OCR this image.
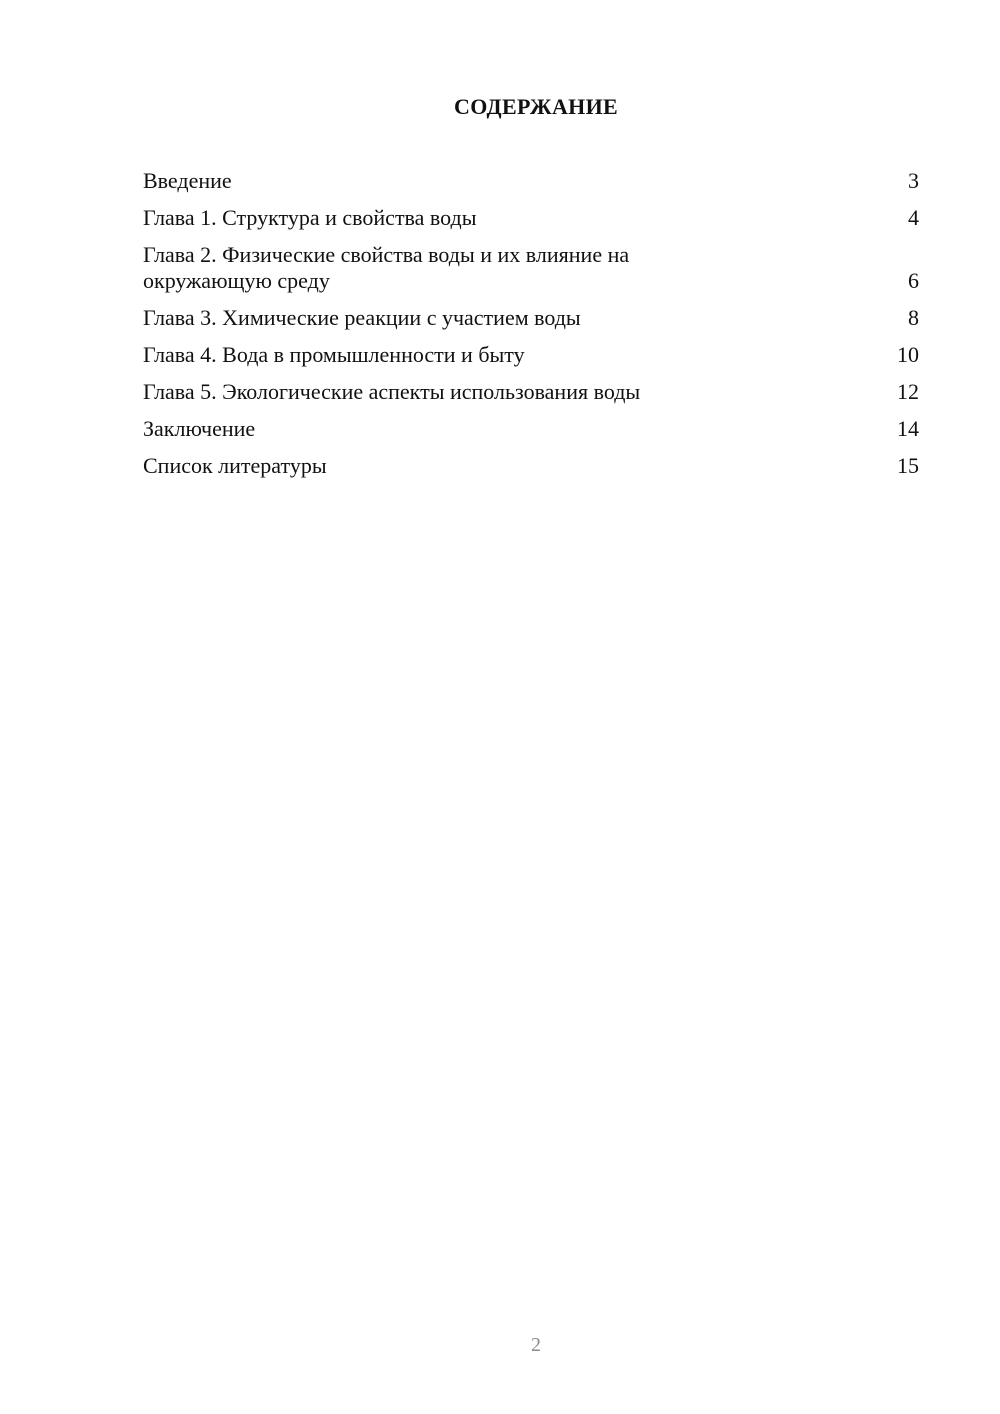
СОДЕРЖАНИЕ
Введение	3
Глава 1. Структура и свойства воды	4
Глава 2. Физические свойства воды и их влияние на окружающую среду	6
Глава 3. Химические реакции с участием воды	8
Глава 4. Вода в промышленности и быту	10
Глава 5. Экологические аспекты использования воды	12
Заключение	14
Список литературы	15
2
